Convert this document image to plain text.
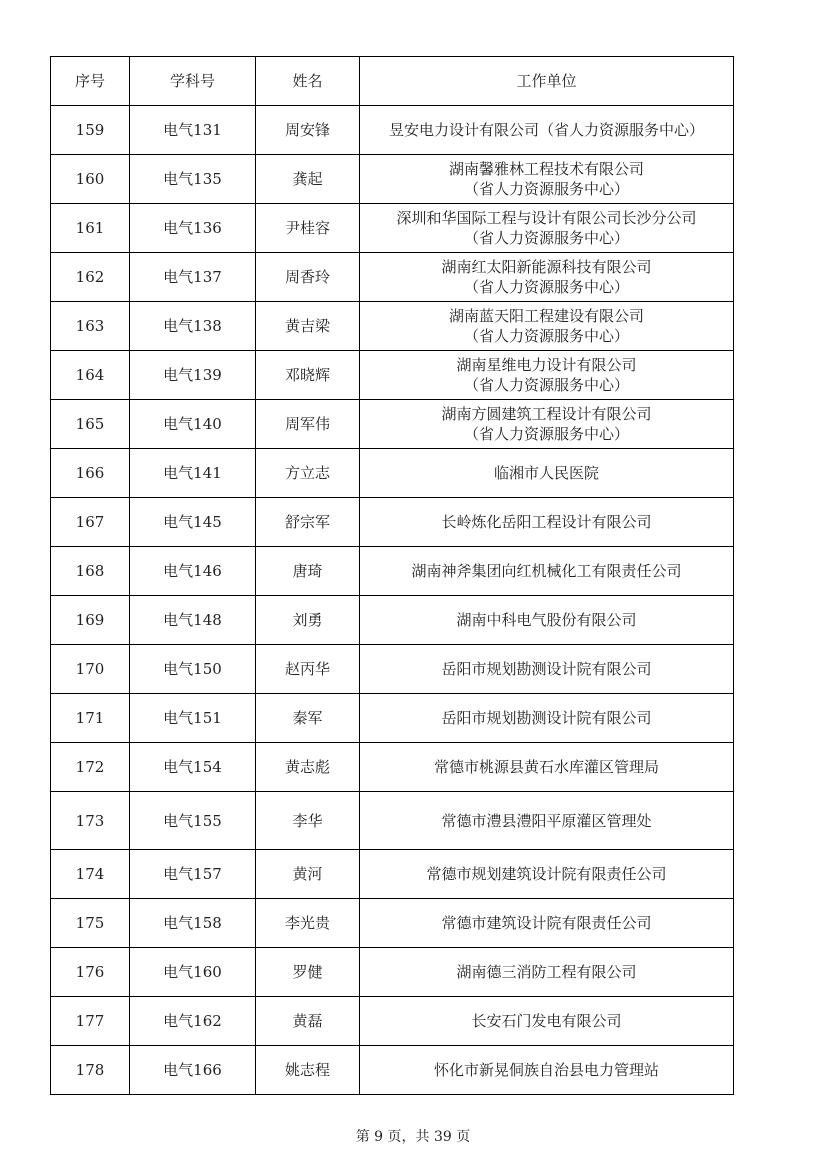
序号	学科号	姓名	工作单位
159	电气131	周安锋	昱安电力设计有限公司（省人力资源服务中心）

160	电气135	龚起	湖南馨雅林工程技术有限公司
（省人力资源服务中心）

161	电气136	尹桂容	深圳和华国际工程与设计有限公司长沙分公司
（省人力资源服务中心）

162	电气137	周香玲	湖南红太阳新能源科技有限公司
（省人力资源服务中心）

163	电气138	黄吉梁	湖南蓝天阳工程建设有限公司
（省人力资源服务中心）

164	电气139	邓晓辉	湖南星维电力设计有限公司
（省人力资源服务中心）

165	电气140	周军伟	湖南方圆建筑工程设计有限公司
（省人力资源服务中心）

166	电气141	方立志	临湘市人民医院

167	电气145	舒宗军	长岭炼化岳阳工程设计有限公司

168	电气146	唐琦	湖南神斧集团向红机械化工有限责任公司

169	电气148	刘勇	湖南中科电气股份有限公司

170	电气150	赵丙华	岳阳市规划勘测设计院有限公司

171	电气151	秦军	岳阳市规划勘测设计院有限公司

172	电气154	黄志彪	常德市桃源县黄石水库灌区管理局

173	电气155	李华	常德市澧县澧阳平原灌区管理处

174	电气157	黄河	常德市规划建筑设计院有限责任公司

175	电气158	李光贵	常德市建筑设计院有限责任公司

176	电气160	罗健	湖南德三消防工程有限公司

177	电气162	黄磊	长安石门发电有限公司

178	电气166	姚志程	怀化市新晃侗族自治县电力管理站
第 9 页，共 39 页
